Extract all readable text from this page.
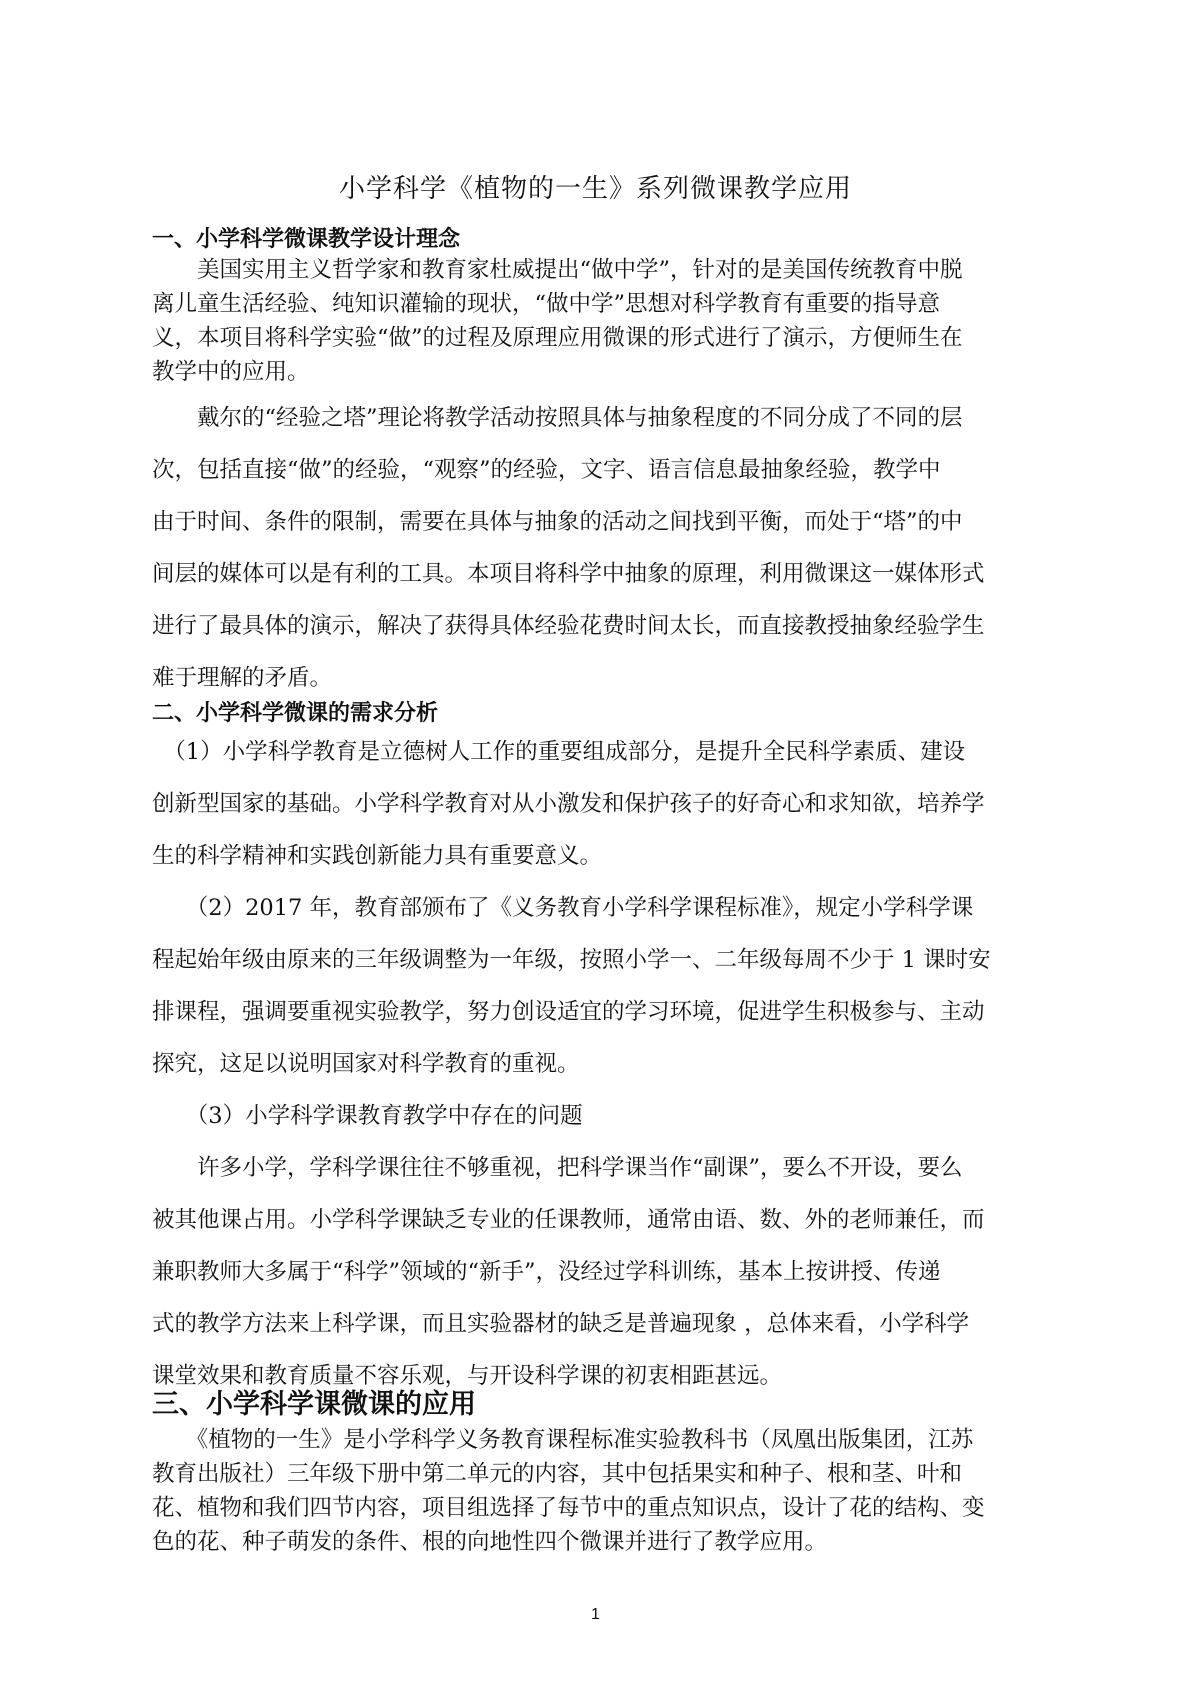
小学科学《植物的一生》系列微课教学应用
一、小学科学微课教学设计理念

　　美国实用主义哲学家和教育家杜威提出“做中学”，针对的是美国传统教育中脱
离儿童生活经验、纯知识灌输的现状，“做中学”思想对科学教育有重要的指导意
义，本项目将科学实验“做”的过程及原理应用微课的形式进行了演示，方便师生在
教学中的应用。

　　戴尔的“经验之塔”理论将教学活动按照具体与抽象程度的不同分成了不同的层
次，包括直接“做”的经验，“观察”的经验，文字、语言信息最抽象经验，教学中
由于时间、条件的限制，需要在具体与抽象的活动之间找到平衡，而处于“塔”的中
间层的媒体可以是有利的工具。本项目将科学中抽象的原理，利用微课这一媒体形式
进行了最具体的演示，解决了获得具体经验花费时间太长，而直接教授抽象经验学生
难于理解的矛盾。

二、小学科学微课的需求分析

　（1）小学科学教育是立德树人工作的重要组成部分，是提升全民科学素质、建设
创新型国家的基础。小学科学教育对从小激发和保护孩子的好奇心和求知欲，培养学
生的科学精神和实践创新能力具有重要意义。

　　（2）2017 年，教育部颁布了《义务教育小学科学课程标准》，规定小学科学课
程起始年级由原来的三年级调整为一年级，按照小学一、二年级每周不少于 1 课时安
排课程，强调要重视实验教学，努力创设适宜的学习环境，促进学生积极参与、主动
探究，这足以说明国家对科学教育的重视。

　　（3）小学科学课教育教学中存在的问题

　　许多小学，学科学课往往不够重视，把科学课当作“副课”，要么不开设，要么
被其他课占用。小学科学课缺乏专业的任课教师，通常由语、数、外的老师兼任，而
兼职教师大多属于“科学”领域的“新手”，没经过学科训练，基本上按讲授、传递
式的教学方法来上科学课，而且实验器材的缺乏是普遍现象 ，总体来看，小学科学
课堂效果和教育质量不容乐观，与开设科学课的初衷相距甚远。

三、小学科学课微课的应用

　　《植物的一生》是小学科学义务教育课程标准实验教科书（凤凰出版集团，江苏
教育出版社）三年级下册中第二单元的内容，其中包括果实和种子、根和茎、叶和
花、植物和我们四节内容，项目组选择了每节中的重点知识点，设计了花的结构、变
色的花、种子萌发的条件、根的向地性四个微课并进行了教学应用。

1
